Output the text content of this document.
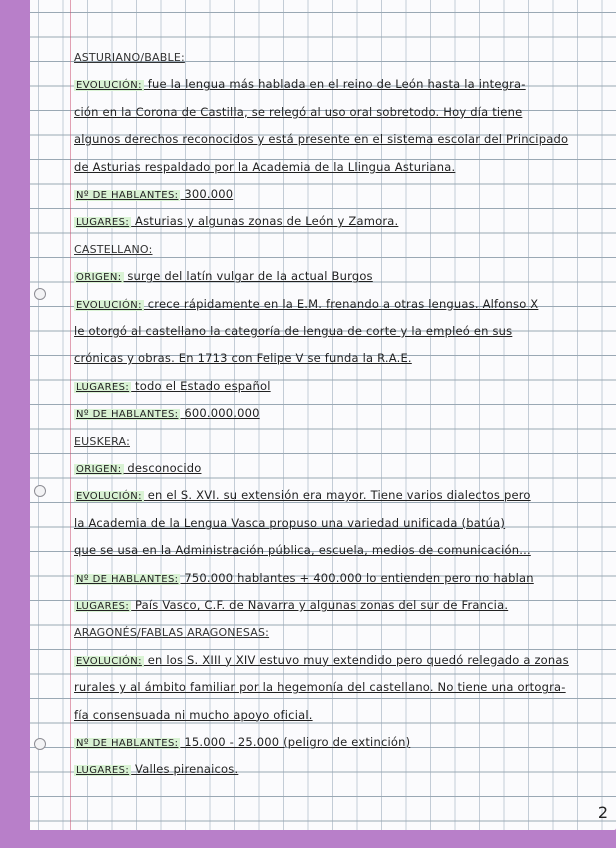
ASTURIANO/BABLE:
EVOLUCIÓN: fue la lengua más hablada en el reino de León hasta la integra-
ción en la Corona de Castilla, se relegó al uso oral sobretodo. Hoy día tiene
algunos derechos reconocidos y está presente en el sistema escolar del Principado
de Asturias respaldado por la Academia de la Llingua Asturiana.
Nº DE HABLANTES: 300.000
LUGARES: Asturias y algunas zonas de León y Zamora.
CASTELLANO:
ORIGEN: surge del latín vulgar de la actual Burgos
EVOLUCIÓN: crece rápidamente en la E.M. frenando a otras lenguas. Alfonso X
le otorgó al castellano la categoría de lengua de corte y la empleó en sus
crónicas y obras. En 1713 con Felipe V se funda la R.A.E.
LUGARES: todo el Estado español
Nº DE HABLANTES: 600.000.000
EUSKERA:
ORIGEN: desconocido
EVOLUCIÓN: en el S. XVI. su extensión era mayor. Tiene varios dialectos pero
la Academia de la Lengua Vasca propuso una variedad unificada (batúa)
que se usa en la Administración pública, escuela, medios de comunicación...
Nº DE HABLANTES: 750.000 hablantes + 400.000 lo entienden pero no hablan
LUGARES: País Vasco, C.F. de Navarra y algunas zonas del sur de Francia.
ARAGONÉS/FABLAS ARAGONESAS:
EVOLUCIÓN: en los S. XIII y XIV estuvo muy extendido pero quedó relegado a zonas
rurales y al ámbito familiar por la hegemonía del castellano. No tiene una ortogra-
fía consensuada ni mucho apoyo oficial.
Nº DE HABLANTES: 15.000 - 25.000 (peligro de extinción)
LUGARES: Valles pirenaicos.
2
